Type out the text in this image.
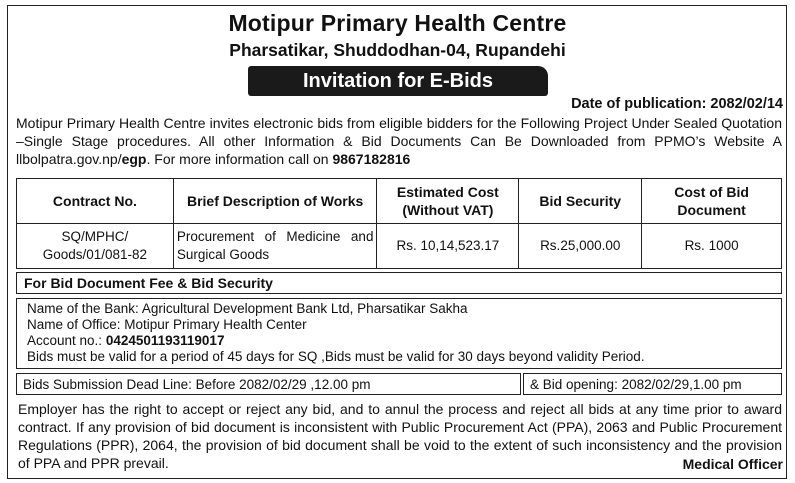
Motipur Primary Health Centre
Pharsatikar, Shuddodhan-04, Rupandehi
Invitation for E-Bids
Date of publication: 2082/02/14
Motipur Primary Health Centre invites electronic bids from eligible bidders for the Following Project Under Sealed Quotation –Single Stage procedures. All other Information & Bid Documents Can Be Downloaded from PPMO’s Website A llbolpatra.gov.np/egp. For more information call on 9867182816
Contract No.	Brief Description of Works	Estimated Cost (Without VAT)	Bid Security	Cost of Bid Document
SQ/MPHC/ Goods/01/081-82	Procurement of Medicine and Surgical Goods	Rs. 10,14,523.17	Rs.25,000.00	Rs. 1000
For Bid Document Fee & Bid Security
Name of the Bank: Agricultural Development Bank Ltd, Pharsatikar Sakha
Name of Office: Motipur Primary Health Center
Account no.: 0424501193119017
Bids must be valid for a period of 45 days for SQ ,Bids must be valid for 30 days beyond validity Period.
Bids Submission Dead Line: Before 2082/02/29 ,12.00 pm	& Bid opening: 2082/02/29,1.00 pm
Employer has the right to accept or reject any bid, and to annul the process and reject all bids at any time prior to award contract. If any provision of bid document is inconsistent with Public Procurement Act (PPA), 2063 and Public Procurement Regulations (PPR), 2064, the provision of bid document shall be void to the extent of such inconsistency and the provision of PPA and PPR prevail.	Medical Officer
